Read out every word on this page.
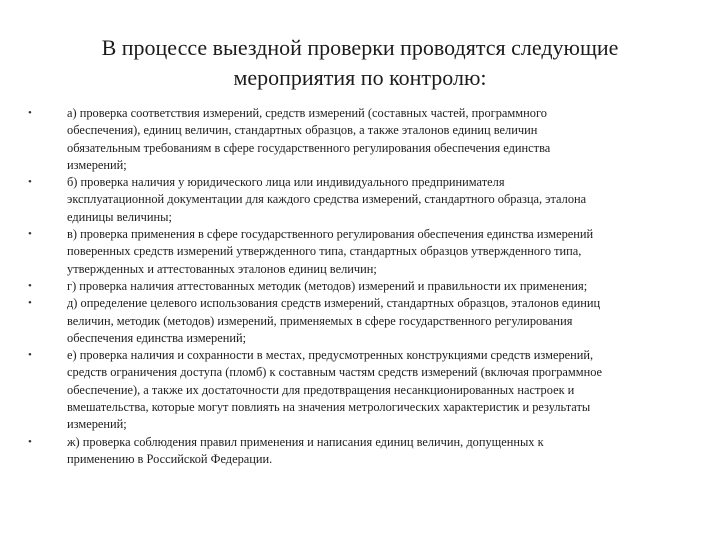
В процессе выездной проверки проводятся следующие
мероприятия по контролю:
•	а) проверка соответствия измерений, средств измерений (составных частей, программного
обеспечения), единиц величин, стандартных образцов, а также эталонов единиц величин
обязательным требованиям в сфере государственного регулирования обеспечения единства
измерений;
•	б) проверка наличия у юридического лица или индивидуального предпринимателя
эксплуатационной документации для каждого средства измерений, стандартного образца, эталона
единицы величины;
•	в) проверка применения в сфере государственного регулирования обеспечения единства измерений
поверенных средств измерений утвержденного типа, стандартных образцов утвержденного типа,
утвержденных и аттестованных эталонов единиц величин;
•	г) проверка наличия аттестованных методик (методов) измерений и правильности их применения;
•	д) определение целевого использования средств измерений, стандартных образцов, эталонов единиц
величин, методик (методов) измерений, применяемых в сфере государственного регулирования
обеспечения единства измерений;
•	е) проверка наличия и сохранности в местах, предусмотренных конструкциями средств измерений,
средств ограничения доступа (пломб) к составным частям средств измерений (включая программное
обеспечение), а также их достаточности для предотвращения несанкционированных настроек и
вмешательства, которые могут повлиять на значения метрологических характеристик и результаты
измерений;
•	ж) проверка соблюдения правил применения и написания единиц величин, допущенных к
применению в Российской Федерации.
